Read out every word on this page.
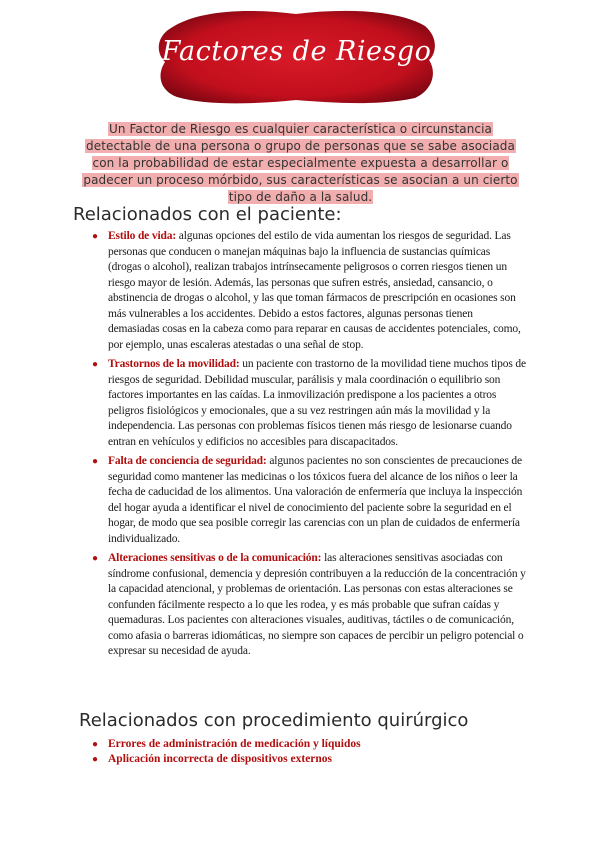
Factores de Riesgo
Un Factor de Riesgo es cualquier característica o circunstancia detectable de una persona o grupo de personas que se sabe asociada con la probabilidad de estar especialmente expuesta a desarrollar o padecer un proceso mórbido, sus características se asocian a un cierto tipo de daño a la salud.
Relacionados con el paciente:
● Estilo de vida: algunas opciones del estilo de vida aumentan los riesgos de seguridad. Las personas que conducen o manejan máquinas bajo la influencia de sustancias químicas (drogas o alcohol), realizan trabajos intrínsecamente peligrosos o corren riesgos tienen un riesgo mayor de lesión. Además, las personas que sufren estrés, ansiedad, cansancio, o abstinencia de drogas o alcohol, y las que toman fármacos de prescripción en ocasiones son más vulnerables a los accidentes. Debido a estos factores, algunas personas tienen demasiadas cosas en la cabeza como para reparar en causas de accidentes potenciales, como, por ejemplo, unas escaleras atestadas o una señal de stop.
● Trastornos de la movilidad: un paciente con trastorno de la movilidad tiene muchos tipos de riesgos de seguridad. Debilidad muscular, parálisis y mala coordinación o equilibrio son factores importantes en las caídas. La inmovilización predispone a los pacientes a otros peligros fisiológicos y emocionales, que a su vez restringen aún más la movilidad y la independencia. Las personas con problemas físicos tienen más riesgo de lesionarse cuando entran en vehículos y edificios no accesibles para discapacitados.
● Falta de conciencia de seguridad: algunos pacientes no son conscientes de precauciones de seguridad como mantener las medicinas o los tóxicos fuera del alcance de los niños o leer la fecha de caducidad de los alimentos. Una valoración de enfermería que incluya la inspección del hogar ayuda a identificar el nivel de conocimiento del paciente sobre la seguridad en el hogar, de modo que sea posible corregir las carencias con un plan de cuidados de enfermería individualizado.
● Alteraciones sensitivas o de la comunicación: las alteraciones sensitivas asociadas con síndrome confusional, demencia y depresión contribuyen a la reducción de la concentración y la capacidad atencional, y problemas de orientación. Las personas con estas alteraciones se confunden fácilmente respecto a lo que les rodea, y es más probable que sufran caídas y quemaduras. Los pacientes con alteraciones visuales, auditivas, táctiles o de comunicación, como afasia o barreras idiomáticas, no siempre son capaces de percibir un peligro potencial o expresar su necesidad de ayuda.
Relacionados con procedimiento quirúrgico
● Errores de administración de medicación y líquidos
● Aplicación incorrecta de dispositivos externos
